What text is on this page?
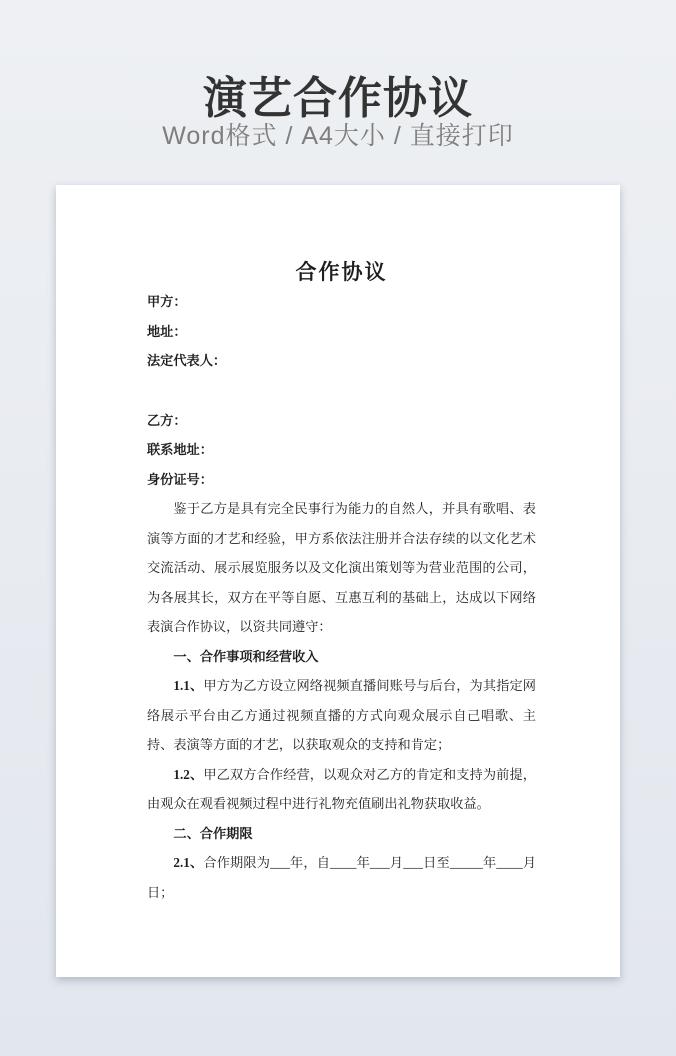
演艺合作协议
Word格式 / A4大小 / 直接打印
合作协议

甲方：

地址：

法定代表人：

乙方：

联系地址：

身份证号：

鉴于乙方是具有完全民事行为能力的自然人，并具有歌唱、表演等方面的才艺和经验，甲方系依法注册并合法存续的以文化艺术交流活动、展示展览服务以及文化演出策划等为营业范围的公司，为各展其长，双方在平等自愿、互惠互利的基础上，达成以下网络表演合作协议，以资共同遵守：

一、合作事项和经营收入

1.1、甲方为乙方设立网络视频直播间账号与后台，为其指定网络展示平台由乙方通过视频直播的方式向观众展示自己唱歌、主持、表演等方面的才艺，以获取观众的支持和肯定；

1.2、甲乙双方合作经营，以观众对乙方的肯定和支持为前提，由观众在观看视频过程中进行礼物充值刷出礼物获取收益。

二、合作期限

2.1、合作期限为___年，自____年___月___日至_____年____月日；
